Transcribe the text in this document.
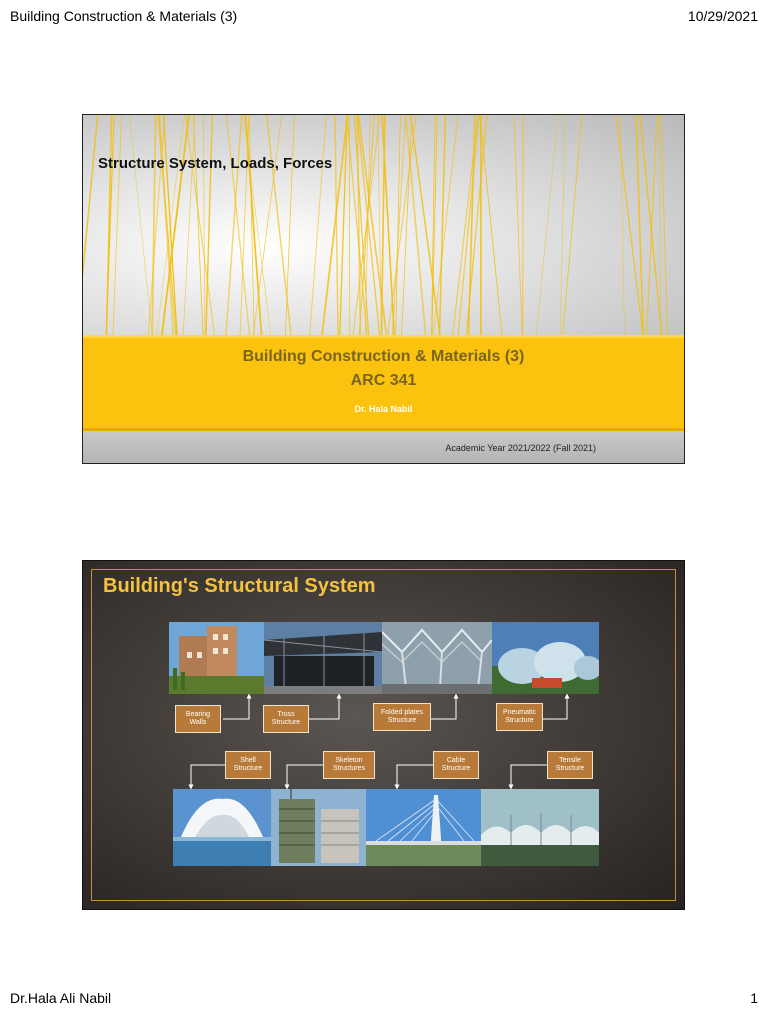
Building Construction & Materials (3)	10/29/2021
Structure System, Loads, Forces
Building Construction & Materials (3)
ARC 341
Dr. Hala Nabil
Academic Year 2021/2022 (Fall 2021)
Building's Structural System
Bearing Walls
Truss Structure
Folded plates Structure
Pneumatic Structure
Shell Structure
Skeleton Structures
Cable Structure
Tensile Structure
Dr.Hala Ali Nabil	1
